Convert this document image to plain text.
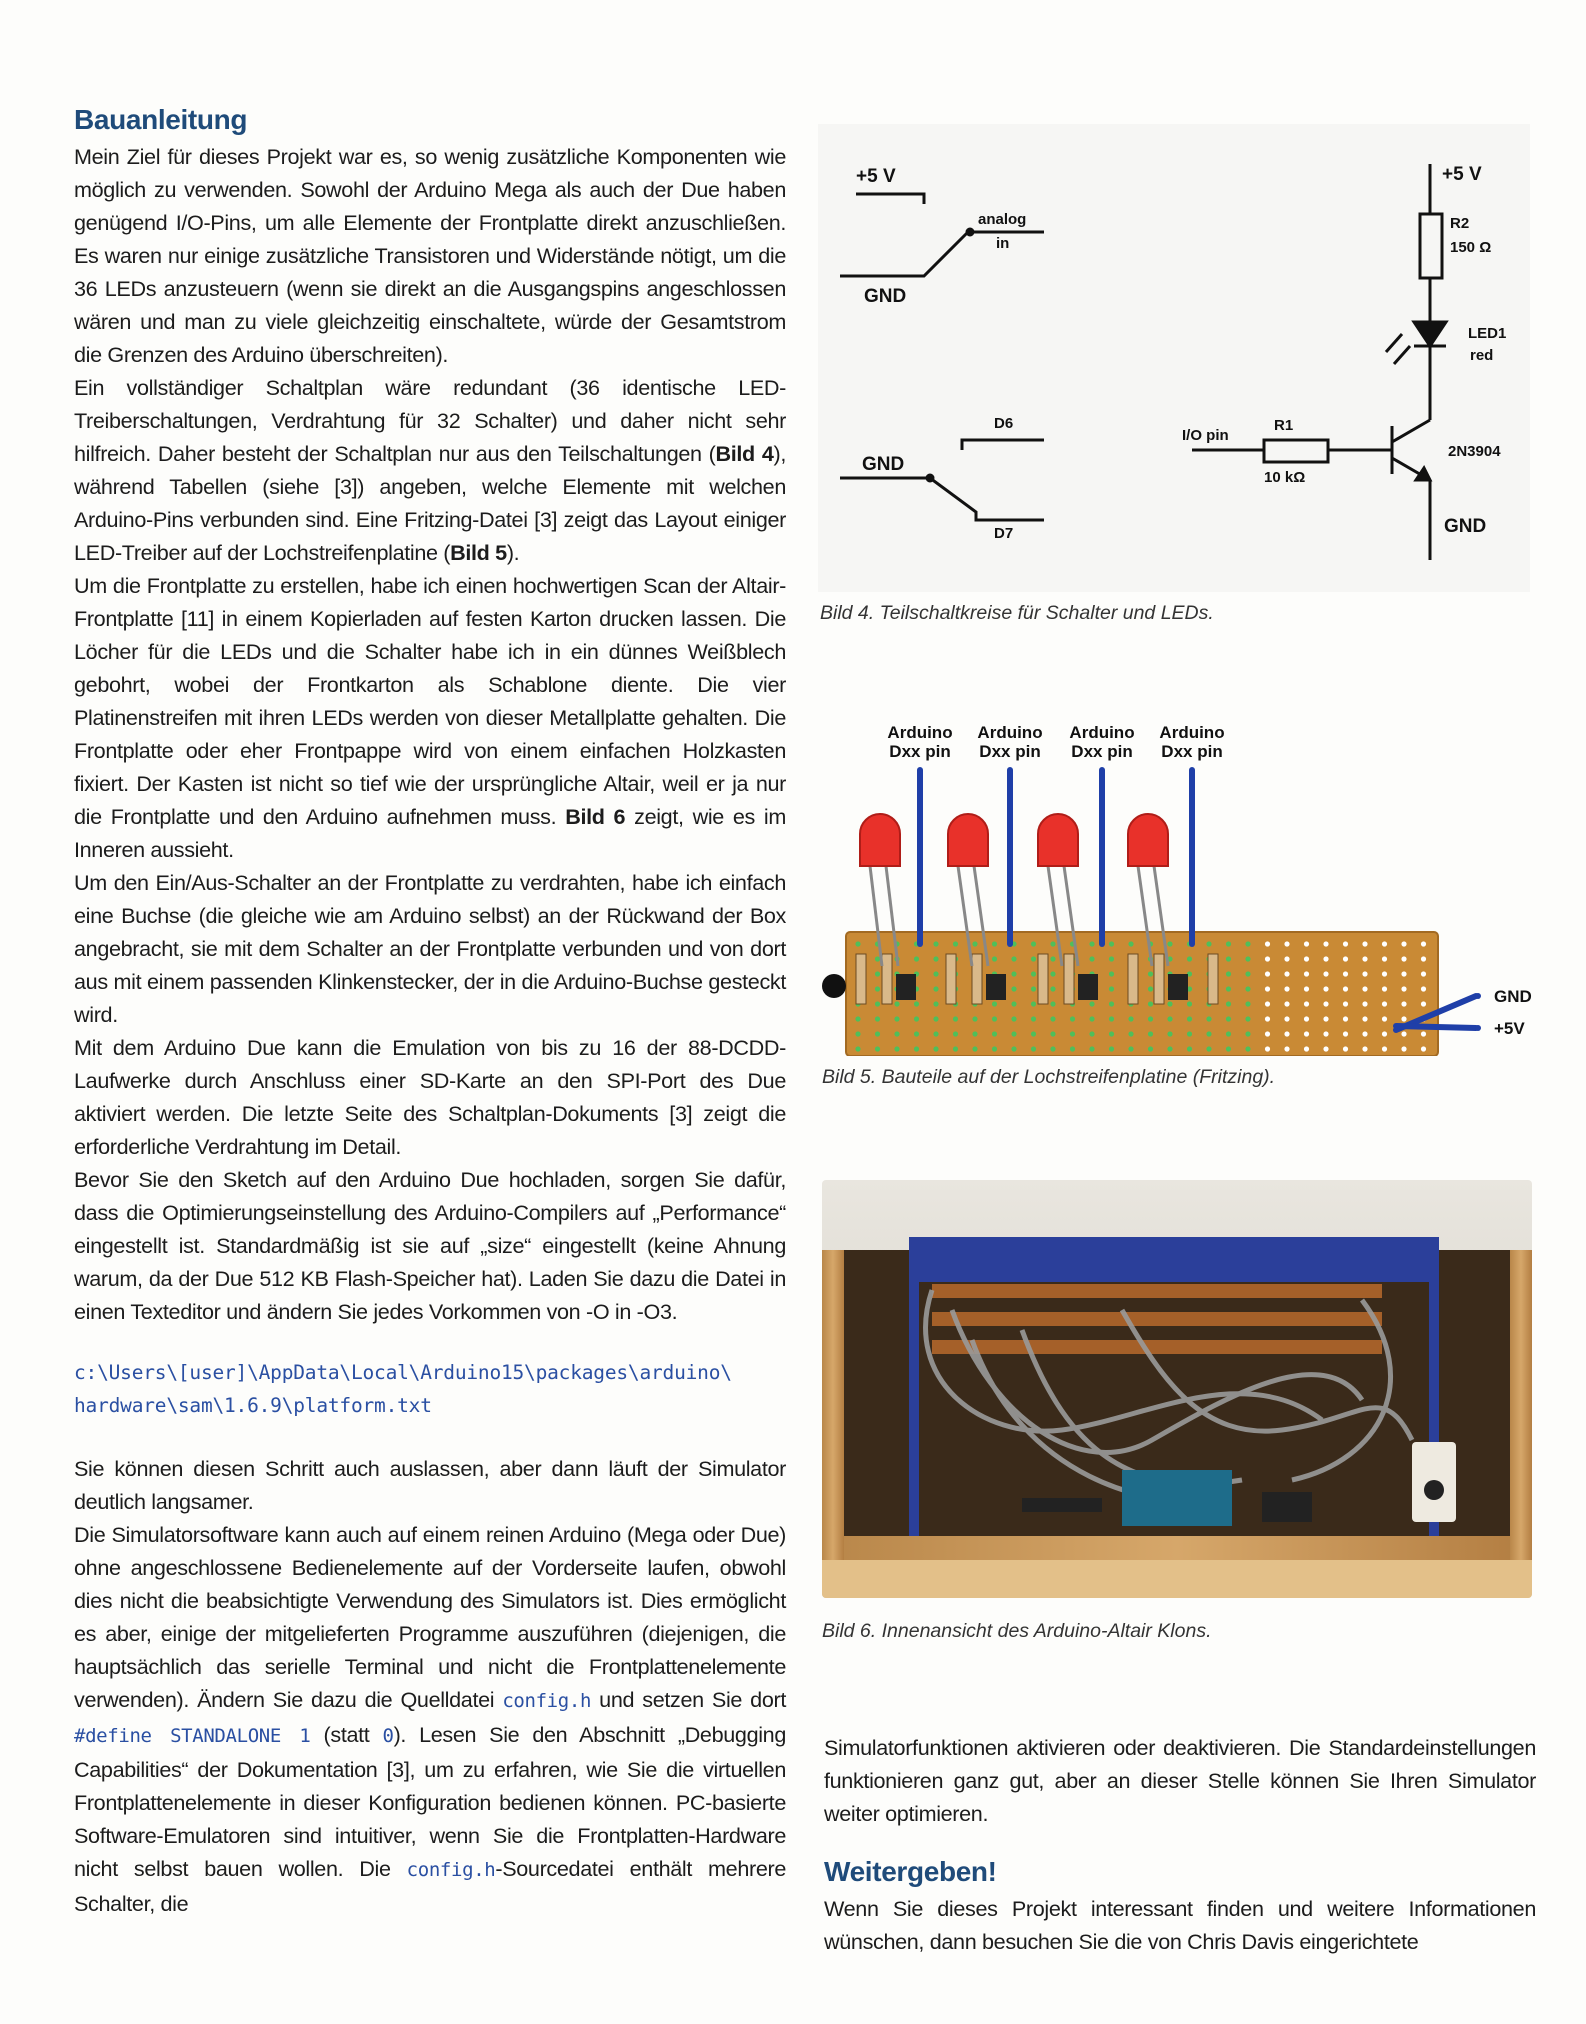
Bauanleitung

Mein Ziel für dieses Projekt war es, so wenig zusätzliche Komponenten wie möglich zu verwenden. Sowohl der Arduino Mega als auch der Due haben genügend I/O-Pins, um alle Elemente der Frontplatte direkt anzuschließen. Es waren nur einige zusätzliche Transistoren und Widerstände nötigt, um die 36 LEDs anzusteuern (wenn sie direkt an die Ausgangspins angeschlossen wären und man zu viele gleichzeitig einschaltete, würde der Gesamtstrom die Grenzen des Arduino überschreiten).

Ein vollständiger Schaltplan wäre redundant (36 identische LED-Treiberschaltungen, Verdrahtung für 32 Schalter) und daher nicht sehr hilfreich. Daher besteht der Schaltplan nur aus den Teilschaltungen (Bild 4), während Tabellen (siehe [3]) angeben, welche Elemente mit welchen Arduino-Pins verbunden sind. Eine Fritzing-Datei [3] zeigt das Layout einiger LED-Treiber auf der Lochstreifenplatine (Bild 5).

Um die Frontplatte zu erstellen, habe ich einen hochwertigen Scan der Altair-Frontplatte [11] in einem Kopierladen auf festen Karton drucken lassen. Die Löcher für die LEDs und die Schalter habe ich in ein dünnes Weißblech gebohrt, wobei der Frontkarton als Schablone diente. Die vier Platinenstreifen mit ihren LEDs werden von dieser Metallplatte gehalten. Die Frontplatte oder eher Frontpappe wird von einem einfachen Holzkasten fixiert. Der Kasten ist nicht so tief wie der ursprüngliche Altair, weil er ja nur die Frontplatte und den Arduino aufnehmen muss. Bild 6 zeigt, wie es im Inneren aussieht.

Um den Ein/Aus-Schalter an der Frontplatte zu verdrahten, habe ich einfach eine Buchse (die gleiche wie am Arduino selbst) an der Rückwand der Box angebracht, sie mit dem Schalter an der Frontplatte verbunden und von dort aus mit einem passenden Klinkenstecker, der in die Arduino-Buchse gesteckt wird.

Mit dem Arduino Due kann die Emulation von bis zu 16 der 88-DCDD-Laufwerke durch Anschluss einer SD-Karte an den SPI-Port des Due aktiviert werden. Die letzte Seite des Schaltplan-Dokuments [3] zeigt die erforderliche Verdrahtung im Detail.

Bevor Sie den Sketch auf den Arduino Due hochladen, sorgen Sie dafür, dass die Optimierungseinstellung des Arduino-Compilers auf „Performance“ eingestellt ist. Standardmäßig ist sie auf „size“ eingestellt (keine Ahnung warum, da der Due 512 KB Flash-Speicher hat). Laden Sie dazu die Datei in einen Texteditor und ändern Sie jedes Vorkommen von -O in -O3.

c:\Users\[user]\AppData\Local\Arduino15\packages\arduino\
hardware\sam\1.6.9\platform.txt

Sie können diesen Schritt auch auslassen, aber dann läuft der Simulator deutlich langsamer.

Die Simulatorsoftware kann auch auf einem reinen Arduino (Mega oder Due) ohne angeschlossene Bedienelemente auf der Vorderseite laufen, obwohl dies nicht die beabsichtigte Verwendung des Simulators ist. Dies ermöglicht es aber, einige der mitgelieferten Programme auszuführen (diejenigen, die hauptsächlich das serielle Terminal und nicht die Frontplattenelemente verwenden). Ändern Sie dazu die Quelldatei config.h und setzen Sie dort #define STANDALONE 1 (statt 0). Lesen Sie den Abschnitt „Debugging Capabilities“ der Dokumentation [3], um zu erfahren, wie Sie die virtuellen Frontplattenelemente in dieser Konfiguration bedienen können. PC-basierte Software-Emulatoren sind intuitiver, wenn Sie die Frontplatten-Hardware nicht selbst bauen wollen. Die config.h-Sourcedatei enthält mehrere Schalter, die

+5 V
GND
GND
+5 V
GND
analog
in
D6
D7
R2
150 Ω
LED1
red
I/O pin
R1
10 kΩ
2N3904
Bild 4. Teilschaltkreise für Schalter und LEDs.
Arduino
Dxx pin
Arduino
Dxx pin
Arduino
Dxx pin
Arduino
Dxx pin
GND
+5V
Bild 5. Bauteile auf der Lochstreifenplatine (Fritzing).
Bild 6. Innenansicht des Arduino-Altair Klons.

Simulatorfunktionen aktivieren oder deaktivieren. Die Standardeinstellungen funktionieren ganz gut, aber an dieser Stelle können Sie Ihren Simulator weiter optimieren.

Weitergeben!

Wenn Sie dieses Projekt interessant finden und weitere Informationen wünschen, dann besuchen Sie die von Chris Davis eingerichtete
